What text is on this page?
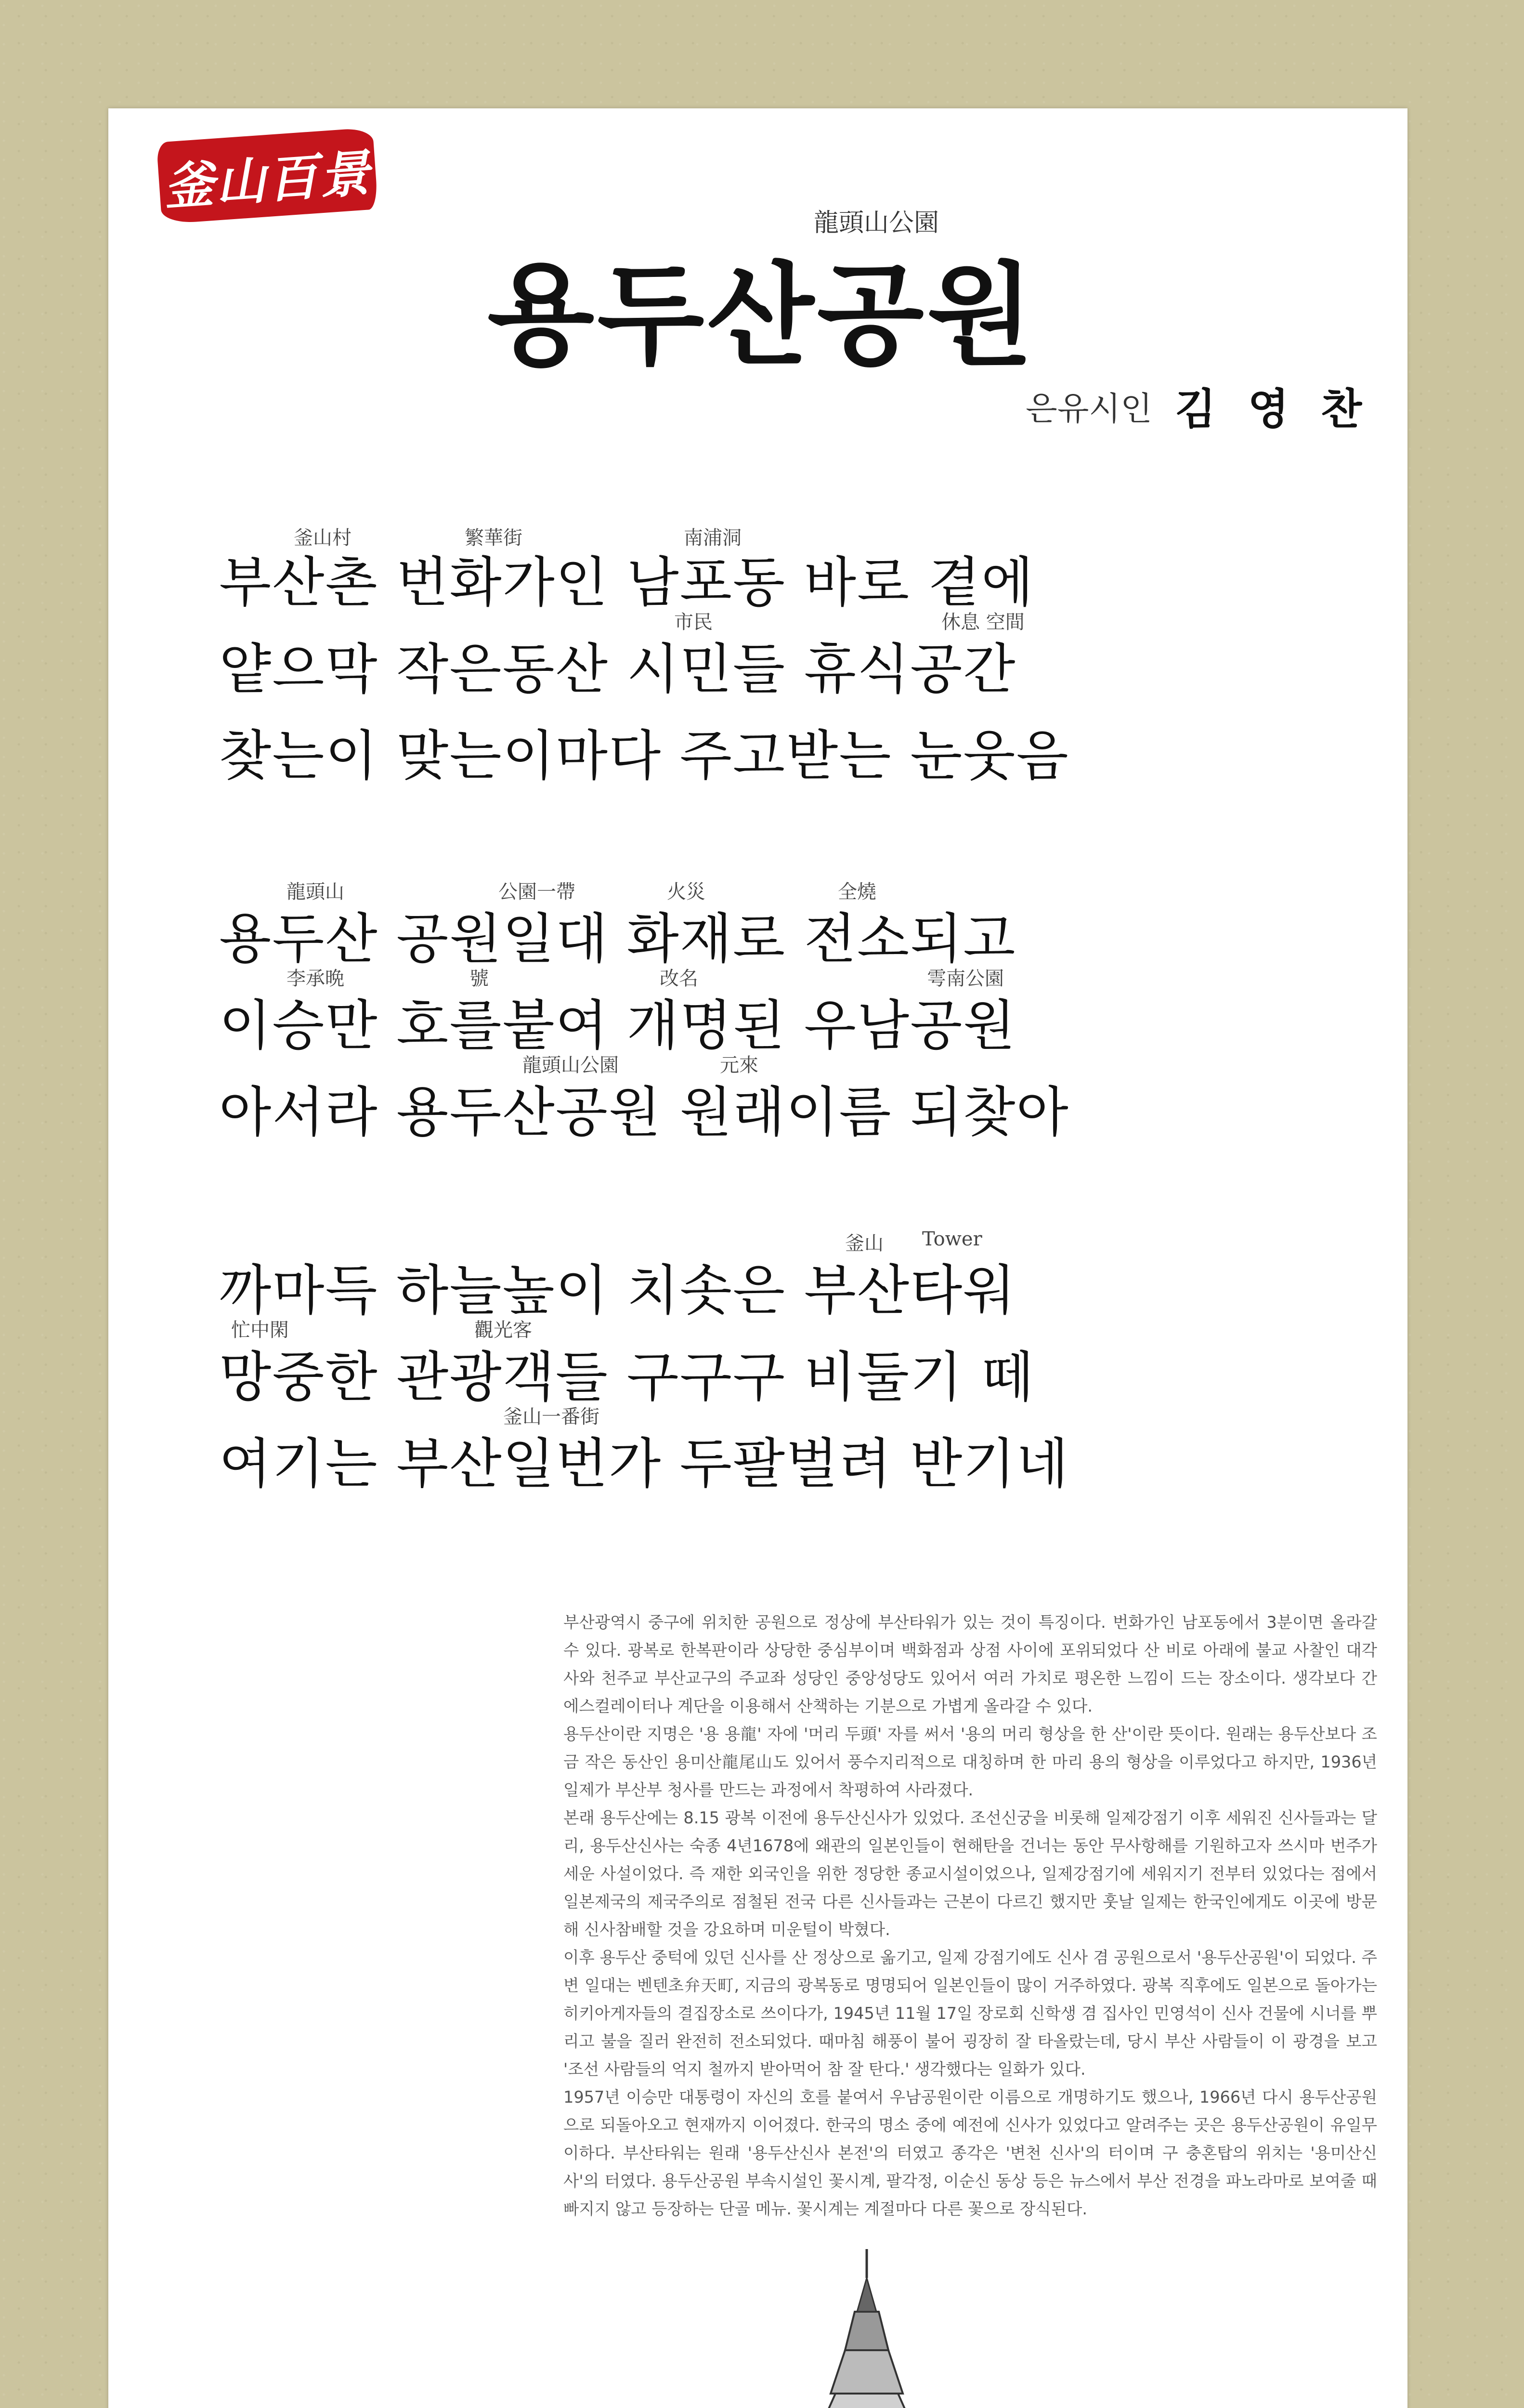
釜山百景
龍頭山公園
용두산공원
은유시인 김 영 찬
釜山村	繁華街	南浦洞
부산촌 번화가인 남포동 바로 곁에
市民	休息 空間
얕으막 작은동산 시민들 휴식공간
찾는이 맞는이마다 주고받는 눈웃음
龍頭山	公園一帶	火災	全燒
용두산 공원일대 화재로 전소되고
李承晩	號	改名	雩南公園
이승만 호를붙여 개명된 우남공원
龍頭山公園	元來
아서라 용두산공원 원래이름 되찾아
釜山 Tower
까마득 하늘높이 치솟은 부산타워
忙中閑	觀光客
망중한 관광객들 구구구 비둘기 떼
釜山一番街
여기는 부산일번가 두팔벌려 반기네

부산광역시 중구에 위치한 공원으로 정상에 부산타워가 있는 것이 특징이다. 번화가인 남포동에서 3분이면 올라갈 수 있다. 광복로 한복판이라 상당한 중심부이며 백화점과 상점 사이에 포위되었다 산 비로 아래에 불교 사찰인 대각사와 천주교 부산교구의 주교좌 성당인 중앙성당도 있어서 여러 가치로 평온한 느낌이 드는 장소이다. 생각보다 간 에스컬레이터나 계단을 이용해서 산책하는 기분으로 가볍게 올라갈 수 있다.

용두산이란 지명은 '용 용龍' 자에 '머리 두頭' 자를 써서 '용의 머리 형상을 한 산'이란 뜻이다. 원래는 용두산보다 조금 작은 동산인 용미산龍尾山도 있어서 풍수지리적으로 대칭하며 한 마리 용의 형상을 이루었다고 하지만, 1936년 일제가 부산부 청사를 만드는 과정에서 착평하여 사라졌다.

본래 용두산에는 8.15 광복 이전에 용두산신사가 있었다. 조선신궁을 비롯해 일제강점기 이후 세워진 신사들과는 달리, 용두산신사는 숙종 4년1678에 왜관의 일본인들이 현해탄을 건너는 동안 무사항해를 기원하고자 쓰시마 번주가 세운 사설이었다. 즉 재한 외국인을 위한 정당한 종교시설이었으나, 일제강점기에 세워지기 전부터 있었다는 점에서 일본제국의 제국주의로 점철된 전국 다른 신사들과는 근본이 다르긴 했지만 훗날 일제는 한국인에게도 이곳에 방문해 신사참배할 것을 강요하며 미운털이 박혔다.

이후 용두산 중턱에 있던 신사를 산 정상으로 옮기고, 일제 강점기에도 신사 겸 공원으로서 '용두산공원'이 되었다. 주변 일대는 벤텐초弁天町, 지금의 광복동로 명명되어 일본인들이 많이 거주하였다. 광복 직후에도 일본으로 돌아가는 히키아게자들의 결집장소로 쓰이다가, 1945년 11월 17일 장로회 신학생 겸 집사인 민영석이 신사 건물에 시너를 뿌리고 불을 질러 완전히 전소되었다. 때마침 해풍이 불어 굉장히 잘 타올랐는데, 당시 부산 사람들이 이 광경을 보고 '조선 사람들의 억지 철까지 받아먹어 참 잘 탄다.' 생각했다는 일화가 있다.

1957년 이승만 대통령이 자신의 호를 붙여서 우남공원이란 이름으로 개명하기도 했으나, 1966년 다시 용두산공원으로 되돌아오고 현재까지 이어졌다. 한국의 명소 중에 예전에 신사가 있었다고 알려주는 곳은 용두산공원이 유일무이하다. 부산타워는 원래 '용두산신사 본전'의 터였고 종각은 '변천 신사'의 터이며 구 충혼탑의 위치는 '용미산신사'의 터였다. 용두산공원 부속시설인 꽃시계, 팔각정, 이순신 동상 등은 뉴스에서 부산 전경을 파노라마로 보여줄 때 빠지지 않고 등장하는 단골 메뉴. 꽃시계는 계절마다 다른 꽃으로 장식된다.
